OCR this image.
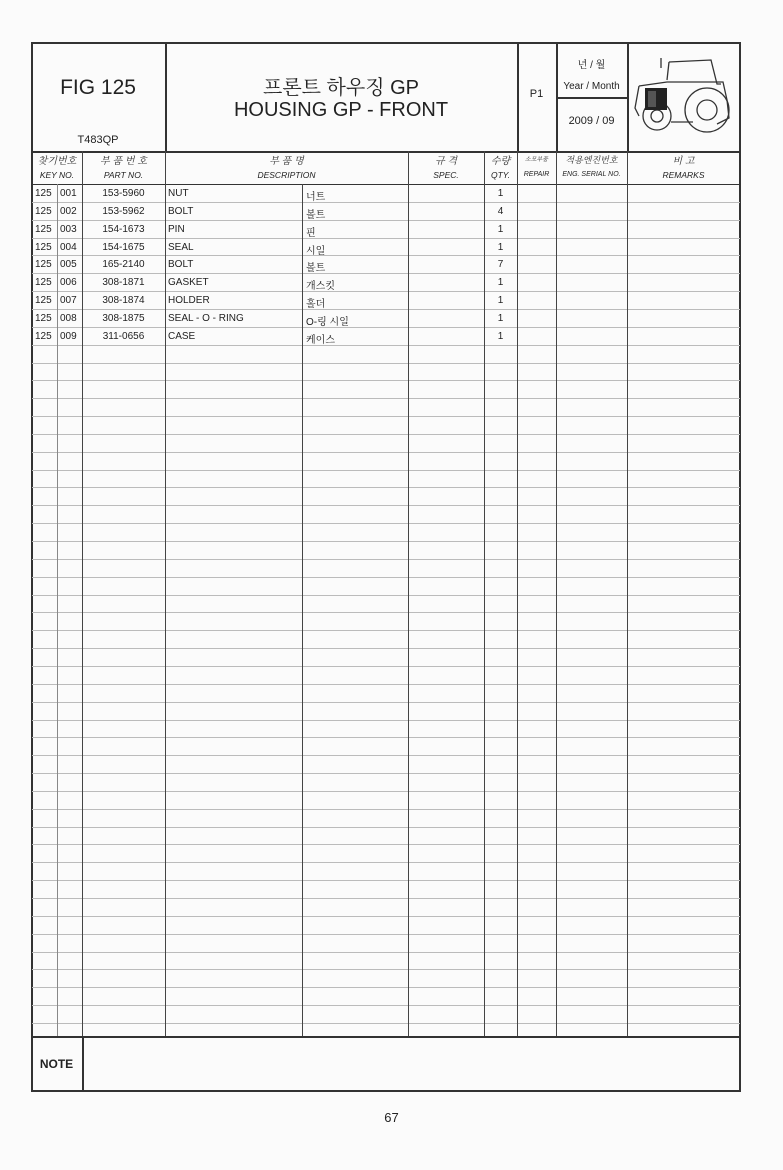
FIG 125
T483QP
프론트 하우징 GP
HOUSING GP - FRONT
P1
년 / 월
Year / Month
2009 / 09
찾기번호
KEY NO.
부 품 번 호
PART NO.
부 품 명
DESCRIPTION
규 격
SPEC.
수량
QTY.
소모부품
REPAIR
적용엔진번호
ENG. SERIAL NO.
비 고
REMARKS
125 001	153-5960	NUT	너트	1
125 002	153-5962	BOLT	볼트	4
125 003	154-1673	PIN	핀	1
125 004	154-1675	SEAL	시일	1
125 005	165-2140	BOLT	볼트	7
125 006	308-1871	GASKET	개스킷	1
125 007	308-1874	HOLDER	홀더	1
125 008	308-1875	SEAL - O - RING	O-링 시일	1
125 009	311-0656	CASE	케이스	1
NOTE
67
